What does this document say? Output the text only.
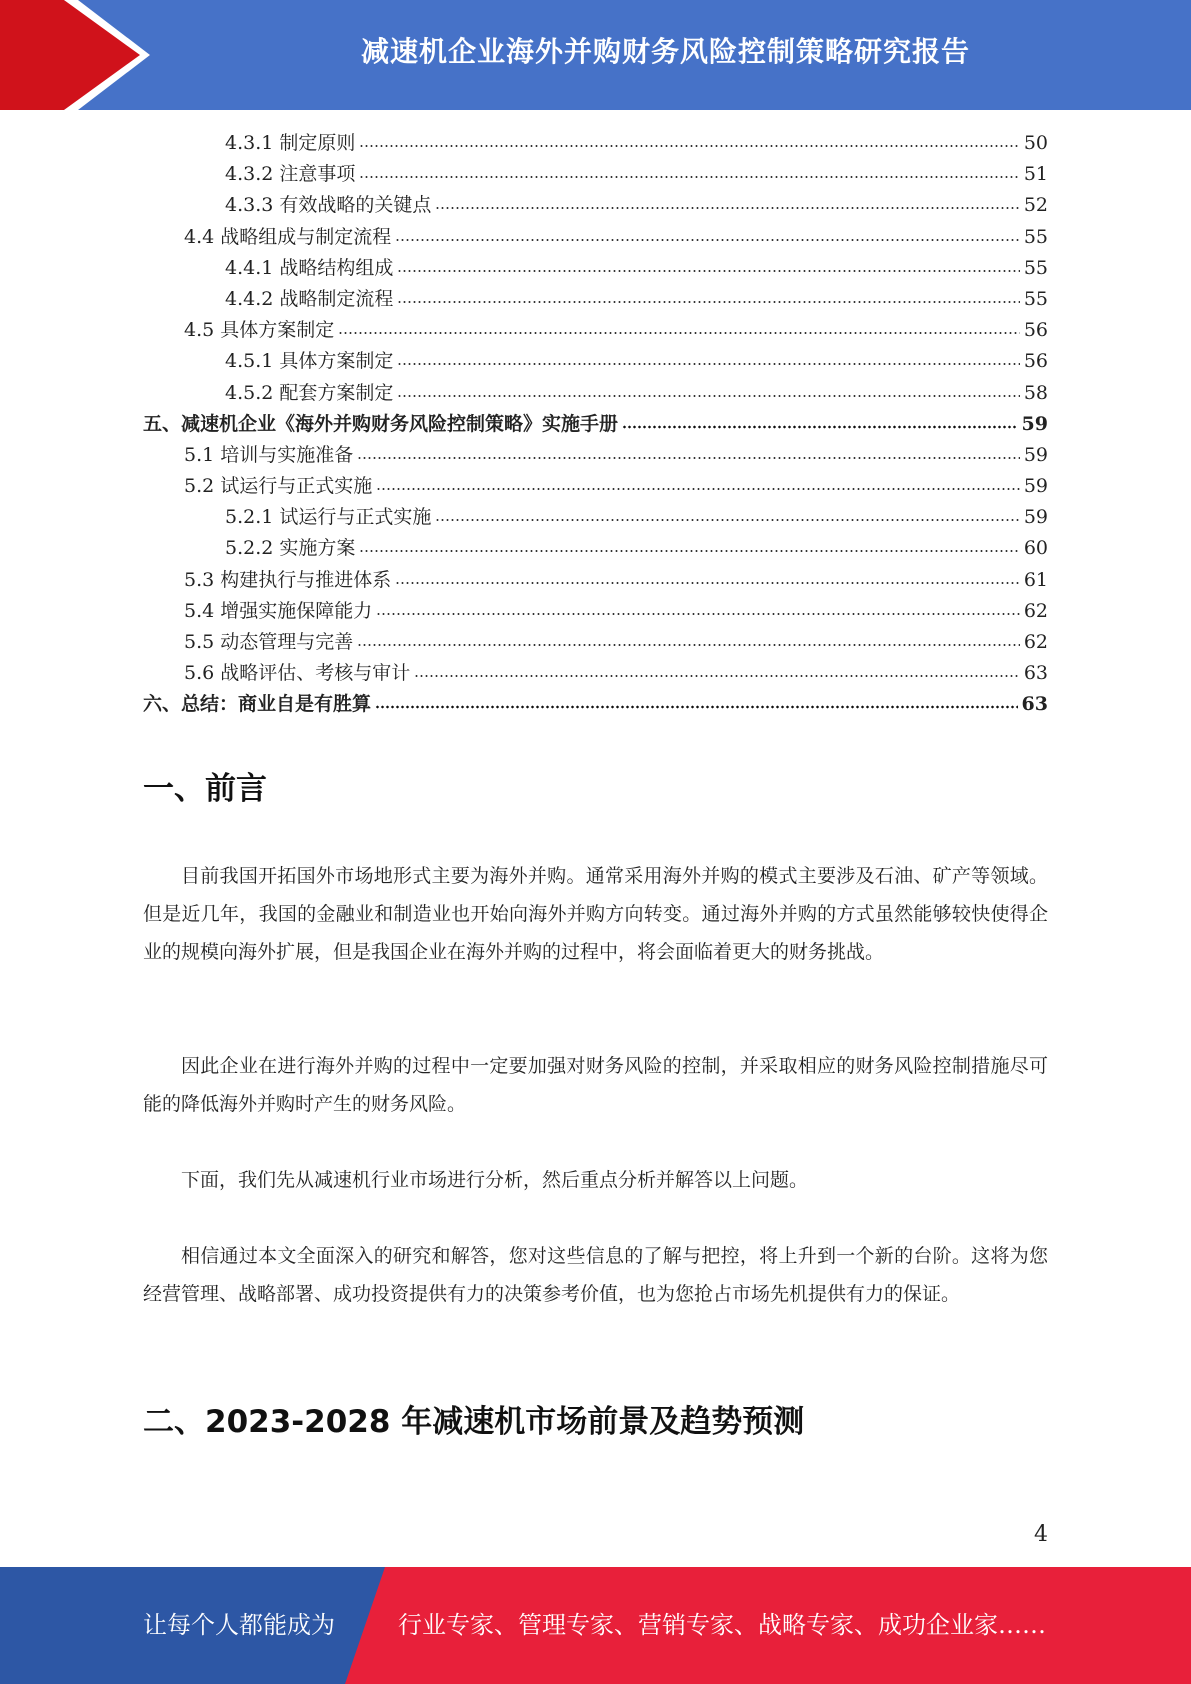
减速机企业海外并购财务风险控制策略研究报告
4.3.1 制定原则	50
4.3.2 注意事项	51
4.3.3 有效战略的关键点	52
4.4 战略组成与制定流程	55
4.4.1 战略结构组成	55
4.4.2 战略制定流程	55
4.5 具体方案制定	56
4.5.1 具体方案制定	56
4.5.2 配套方案制定	58
五、减速机企业《海外并购财务风险控制策略》实施手册	59
5.1 培训与实施准备	59
5.2 试运行与正式实施	59
5.2.1 试运行与正式实施	59
5.2.2 实施方案	60
5.3 构建执行与推进体系	61
5.4 增强实施保障能力	62
5.5 动态管理与完善	62
5.6 战略评估、考核与审计	63
六、总结：商业自是有胜算	63
一、前言

目前我国开拓国外市场地形式主要为海外并购。通常采用海外并购的模式主要涉及石油、矿产等领域。但是近几年，我国的金融业和制造业也开始向海外并购方向转变。通过海外并购的方式虽然能够较快使得企业的规模向海外扩展，但是我国企业在海外并购的过程中，将会面临着更大的财务挑战。

因此企业在进行海外并购的过程中一定要加强对财务风险的控制，并采取相应的财务风险控制措施尽可能的降低海外并购时产生的财务风险。

下面，我们先从减速机行业市场进行分析，然后重点分析并解答以上问题。

相信通过本文全面深入的研究和解答，您对这些信息的了解与把控，将上升到一个新的台阶。这将为您经营管理、战略部署、成功投资提供有力的决策参考价值，也为您抢占市场先机提供有力的保证。

二、2023-2028 年减速机市场前景及趋势预测
4
让每个人都能成为	行业专家、管理专家、营销专家、战略专家、成功企业家……
